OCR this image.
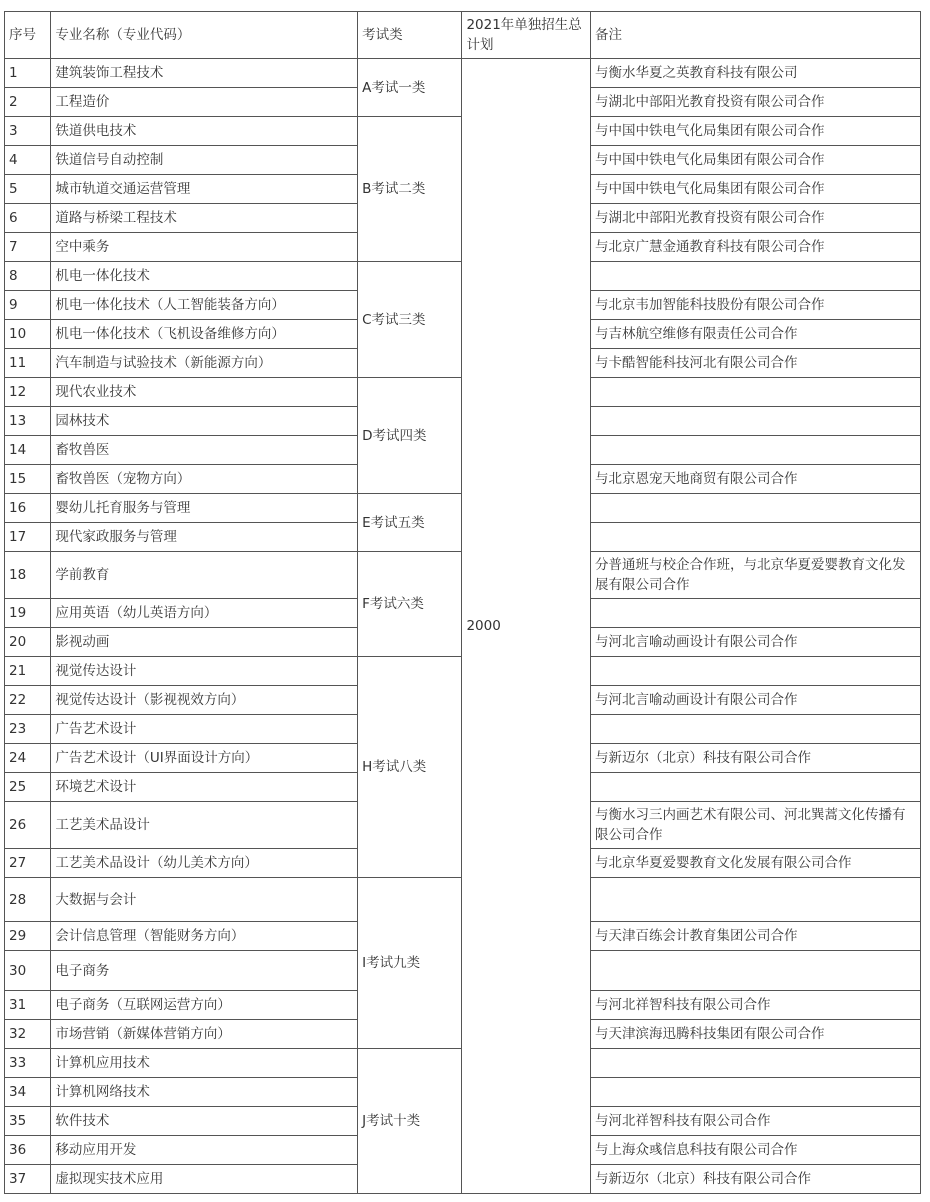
序号	专业名称（专业代码）	考试类	2021年单独招生总计划	备注
1	建筑装饰工程技术	A考试一类	2000	与衡水华夏之英教育科技有限公司
2	工程造价			与湖北中部阳光教育投资有限公司合作
3	铁道供电技术	B考试二类		与中国中铁电气化局集团有限公司合作
4	铁道信号自动控制			与中国中铁电气化局集团有限公司合作
5	城市轨道交通运营管理			与中国中铁电气化局集团有限公司合作
6	道路与桥梁工程技术			与湖北中部阳光教育投资有限公司合作
7	空中乘务			与北京广慧金通教育科技有限公司合作
8	机电一体化技术	C考试三类		
9	机电一体化技术（人工智能装备方向）			与北京韦加智能科技股份有限公司合作
10	机电一体化技术（飞机设备维修方向）			与吉林航空维修有限责任公司合作
11	汽车制造与试验技术（新能源方向）			与卡酷智能科技河北有限公司合作
12	现代农业技术	D考试四类		
13	园林技术			
14	畜牧兽医			
15	畜牧兽医（宠物方向）			与北京恩宠天地商贸有限公司合作
16	婴幼儿托育服务与管理	E考试五类		
17	现代家政服务与管理			
18	学前教育	F考试六类		分普通班与校企合作班，与北京华夏爱婴教育文化发展有限公司合作
19	应用英语（幼儿英语方向）			
20	影视动画			与河北言喻动画设计有限公司合作
21	视觉传达设计	H考试八类		
22	视觉传达设计（影视视效方向）			与河北言喻动画设计有限公司合作
23	广告艺术设计			
24	广告艺术设计（UI界面设计方向）			与新迈尔（北京）科技有限公司合作
25	环境艺术设计			
26	工艺美术品设计			与衡水习三内画艺术有限公司、河北巽蒿文化传播有限公司合作
27	工艺美术品设计（幼儿美术方向）			与北京华夏爱婴教育文化发展有限公司合作
28	大数据与会计	I考试九类		
29	会计信息管理（智能财务方向）			与天津百练会计教育集团公司合作
30	电子商务			
31	电子商务（互联网运营方向）			与河北祥智科技有限公司合作
32	市场营销（新媒体营销方向）			与天津滨海迅腾科技集团有限公司合作
33	计算机应用技术	J考试十类		
34	计算机网络技术			
35	软件技术			与河北祥智科技有限公司合作
36	移动应用开发			与上海众彧信息科技有限公司合作
37	虚拟现实技术应用			与新迈尔（北京）科技有限公司合作
